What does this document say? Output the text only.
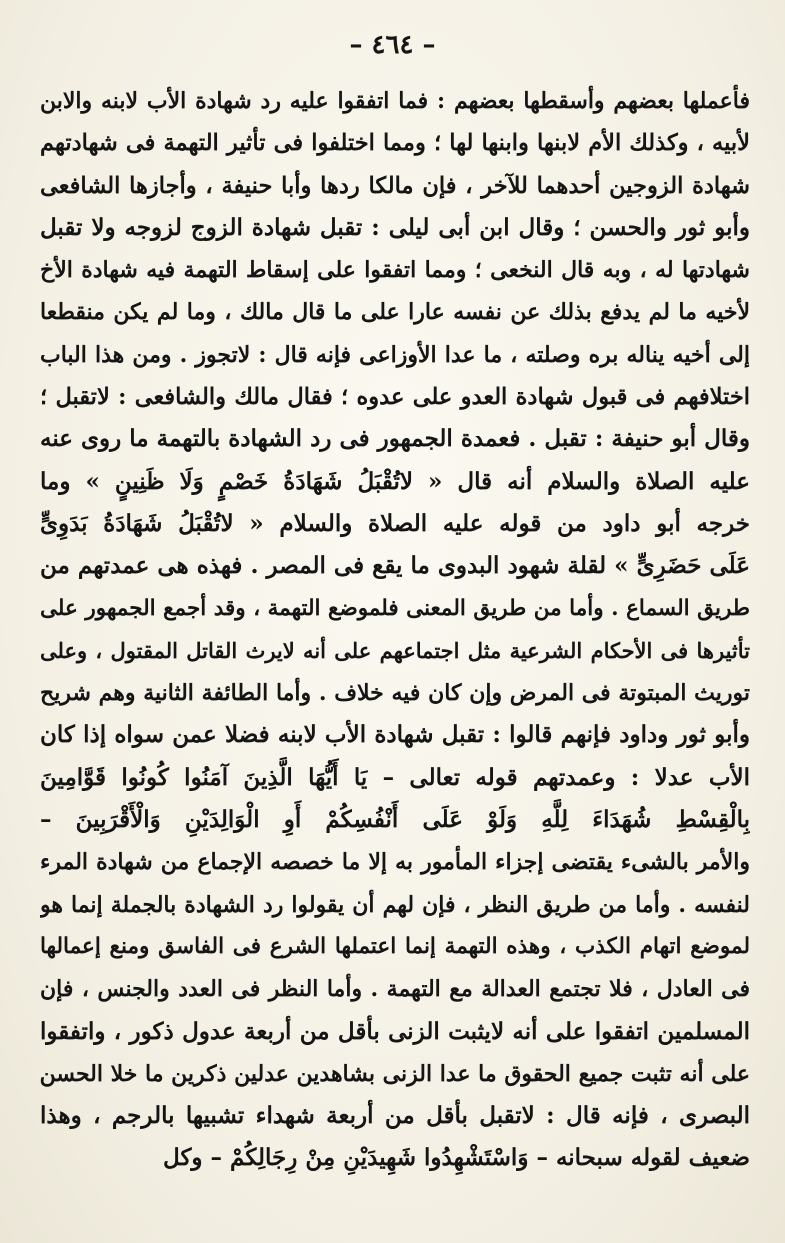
– ٤٦٤ –
فأعملها بعضهم وأسقطها بعضهم : فما اتفقوا عليه رد شهادة الأب لابنه والابن
لأبيه ، وكذلك الأم لابنها وابنها لها ؛ ومما اختلفوا فى تأثير التهمة فى شهادتهم
شهادة الزوجين أحدهما للآخر ، فإن مالكا ردها وأبا حنيفة ، وأجازها الشافعى
وأبو ثور والحسن ؛ وقال ابن أبى ليلى : تقبل شهادة الزوج لزوجه ولا تقبل
شهادتها له ، وبه قال النخعى ؛ ومما اتفقوا على إسقاط التهمة فيه شهادة الأخ
لأخيه ما لم يدفع بذلك عن نفسه عارا على ما قال مالك ، وما لم يكن منقطعا
إلى أخيه يناله بره وصلته ، ما عدا الأوزاعى فإنه قال : لاتجوز . ومن هذا الباب
اختلافهم فى قبول شهادة العدو على عدوه ؛ فقال مالك والشافعى : لاتقبل ؛
وقال أبو حنيفة : تقبل . فعمدة الجمهور فى رد الشهادة بالتهمة ما روى عنه
عليه الصلاة والسلام أنه قال « لاتُقْبَلُ شَهَادَةُ خَصْمٍ وَلَا ظَنِينٍ » وما
خرجه أبو داود من قوله عليه الصلاة والسلام « لاتُقْبَلُ شَهَادَةُ بَدَوِىٍّ
عَلَى حَضَرِىٍّ » لقلة شهود البدوى ما يقع فى المصر . فهذه هى عمدتهم من
طريق السماع . وأما من طريق المعنى فلموضع التهمة ، وقد أجمع الجمهور على
تأثيرها فى الأحكام الشرعية مثل اجتماعهم على أنه لايرث القاتل المقتول ، وعلى
توريث المبتوتة فى المرض وإن كان فيه خلاف . وأما الطائفة الثانية وهم شريح
وأبو ثور وداود فإنهم قالوا : تقبل شهادة الأب لابنه فضلا عمن سواه إذا كان
الأب عدلا : وعمدتهم قوله تعالى – يَا أَيُّهَا الَّذِينَ آمَنُوا كُونُوا قَوَّامِينَ
بِالْقِسْطِ شُهَدَاءَ لِلَّهِ وَلَوْ عَلَى أَنْفُسِكُمْ أَوِ الْوَالِدَيْنِ وَالْأَقْرَبِينَ –
والأمر بالشىء يقتضى إجزاء المأمور به إلا ما خصصه الإجماع من شهادة المرء
لنفسه . وأما من طريق النظر ، فإن لهم أن يقولوا رد الشهادة بالجملة إنما هو
لموضع اتهام الكذب ، وهذه التهمة إنما اعتملها الشرع فى الفاسق ومنع إعمالها
فى العادل ، فلا تجتمع العدالة مع التهمة . وأما النظر فى العدد والجنس ، فإن
المسلمين اتفقوا على أنه لايثبت الزنى بأقل من أربعة عدول ذكور ، واتفقوا
على أنه تثبت جميع الحقوق ما عدا الزنى بشاهدين عدلين ذكرين ما خلا الحسن
البصرى ، فإنه قال : لاتقبل بأقل من أربعة شهداء تشبيها بالرجم ، وهذا
ضعيف لقوله سبحانه – وَاسْتَشْهِدُوا شَهِيدَيْنِ مِنْ رِجَالِكُمْ – وكل
